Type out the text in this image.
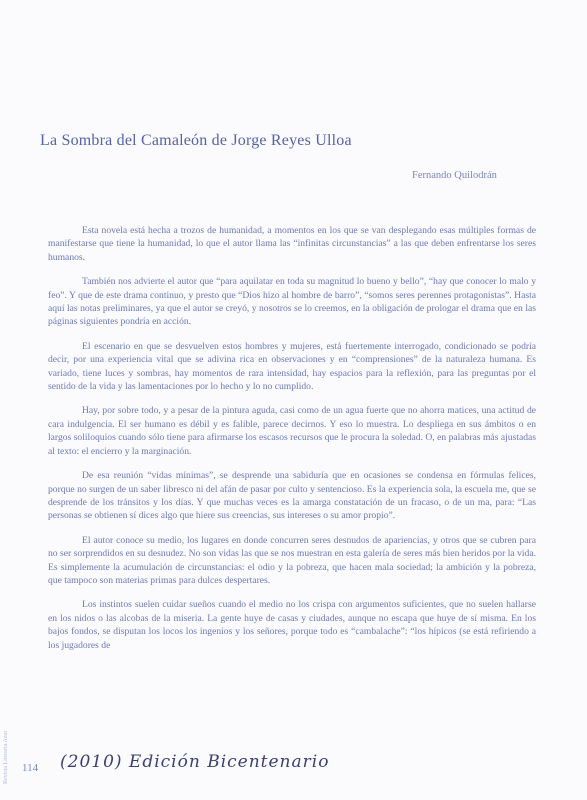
La Sombra del Camaleón de Jorge Reyes Ulloa
Fernando Quilodrán

Esta novela está hecha a trozos de humanidad, a momentos en los que se van desplegando esas múltiples formas de manifestarse que tiene la humanidad, lo que el autor llama las “infinitas circunstancias” a las que deben enfrentarse los seres humanos.

También nos advierte el autor que “para aquilatar en toda su magnitud lo bueno y bello”, “hay que conocer lo malo y feo”. Y que de este drama continuo, y presto que “Dios hizo al hombre de barro”, “somos seres perennes protagonistas”. Hasta aquí las notas preliminares, ya que el autor se creyó, y nosotros se lo creemos, en la obligación de prologar el drama que en las páginas siguientes pondría en acción.

El escenario en que se desvuelven estos hombres y mujeres, está fuertemente interrogado, condicionado se podría decir, por una experiencia vital que se adivina rica en observaciones y en “comprensiones” de la naturaleza humana. Es variado, tiene luces y sombras, hay momentos de rara intensidad, hay espacios para la reflexión, para las preguntas por el sentido de la vida y las lamentaciones por lo hecho y lo no cumplido.

Hay, por sobre todo, y a pesar de la pintura aguda, casi como de un agua fuerte que no ahorra matices, una actitud de cara indulgencia. El ser humano es débil y es falible, parece decirnos. Y eso lo muestra. Lo despliega en sus ámbitos o en largos soliloquios cuando sólo tiene para afirmarse los escasos recursos que le procura la soledad. O, en palabras más ajustadas al texto: el encierro y la marginación.

De esa reunión “vidas mínimas”, se desprende una sabiduría que en ocasiones se condensa en fórmulas felices, porque no surgen de un saber libresco ni del afán de pasar por culto y sentencioso. Es la experiencia sola, la escuela me, que se desprende de los tránsitos y los días. Y que muchas veces es la amarga constatación de un fracaso, o de un ma, para: “Las personas se obtienen sí dices algo que hiere sus creencias, sus intereses o su amor propio”.

El autor conoce su medio, los lugares en donde concurren seres desnudos de apariencias, y otros que se cubren para no ser sorprendidos en su desnudez. No son vidas las que se nos muestran en esta galería de seres más bien heridos por la vida. Es simplemente la acumulación de circunstancias: el odio y la pobreza, que hacen mala sociedad; la ambición y la pobreza, que tampoco son materias primas para dulces despertares.

Los instintos suelen cuidar sueños cuando el medio no los crispa con argumentos suficientes, que no suelen hallarse en los nidos o las alcobas de la miseria. La gente huye de casas y ciudades, aunque no escapa que huye de sí misma. En los bajos fondos, se disputan los locos los ingenios y los señores, porque todo es “cambalache”: “los hípicos (se está refiriendo a los jugadores de

Revista Literaria Azur	114 (2010) Edición Bicentenario
